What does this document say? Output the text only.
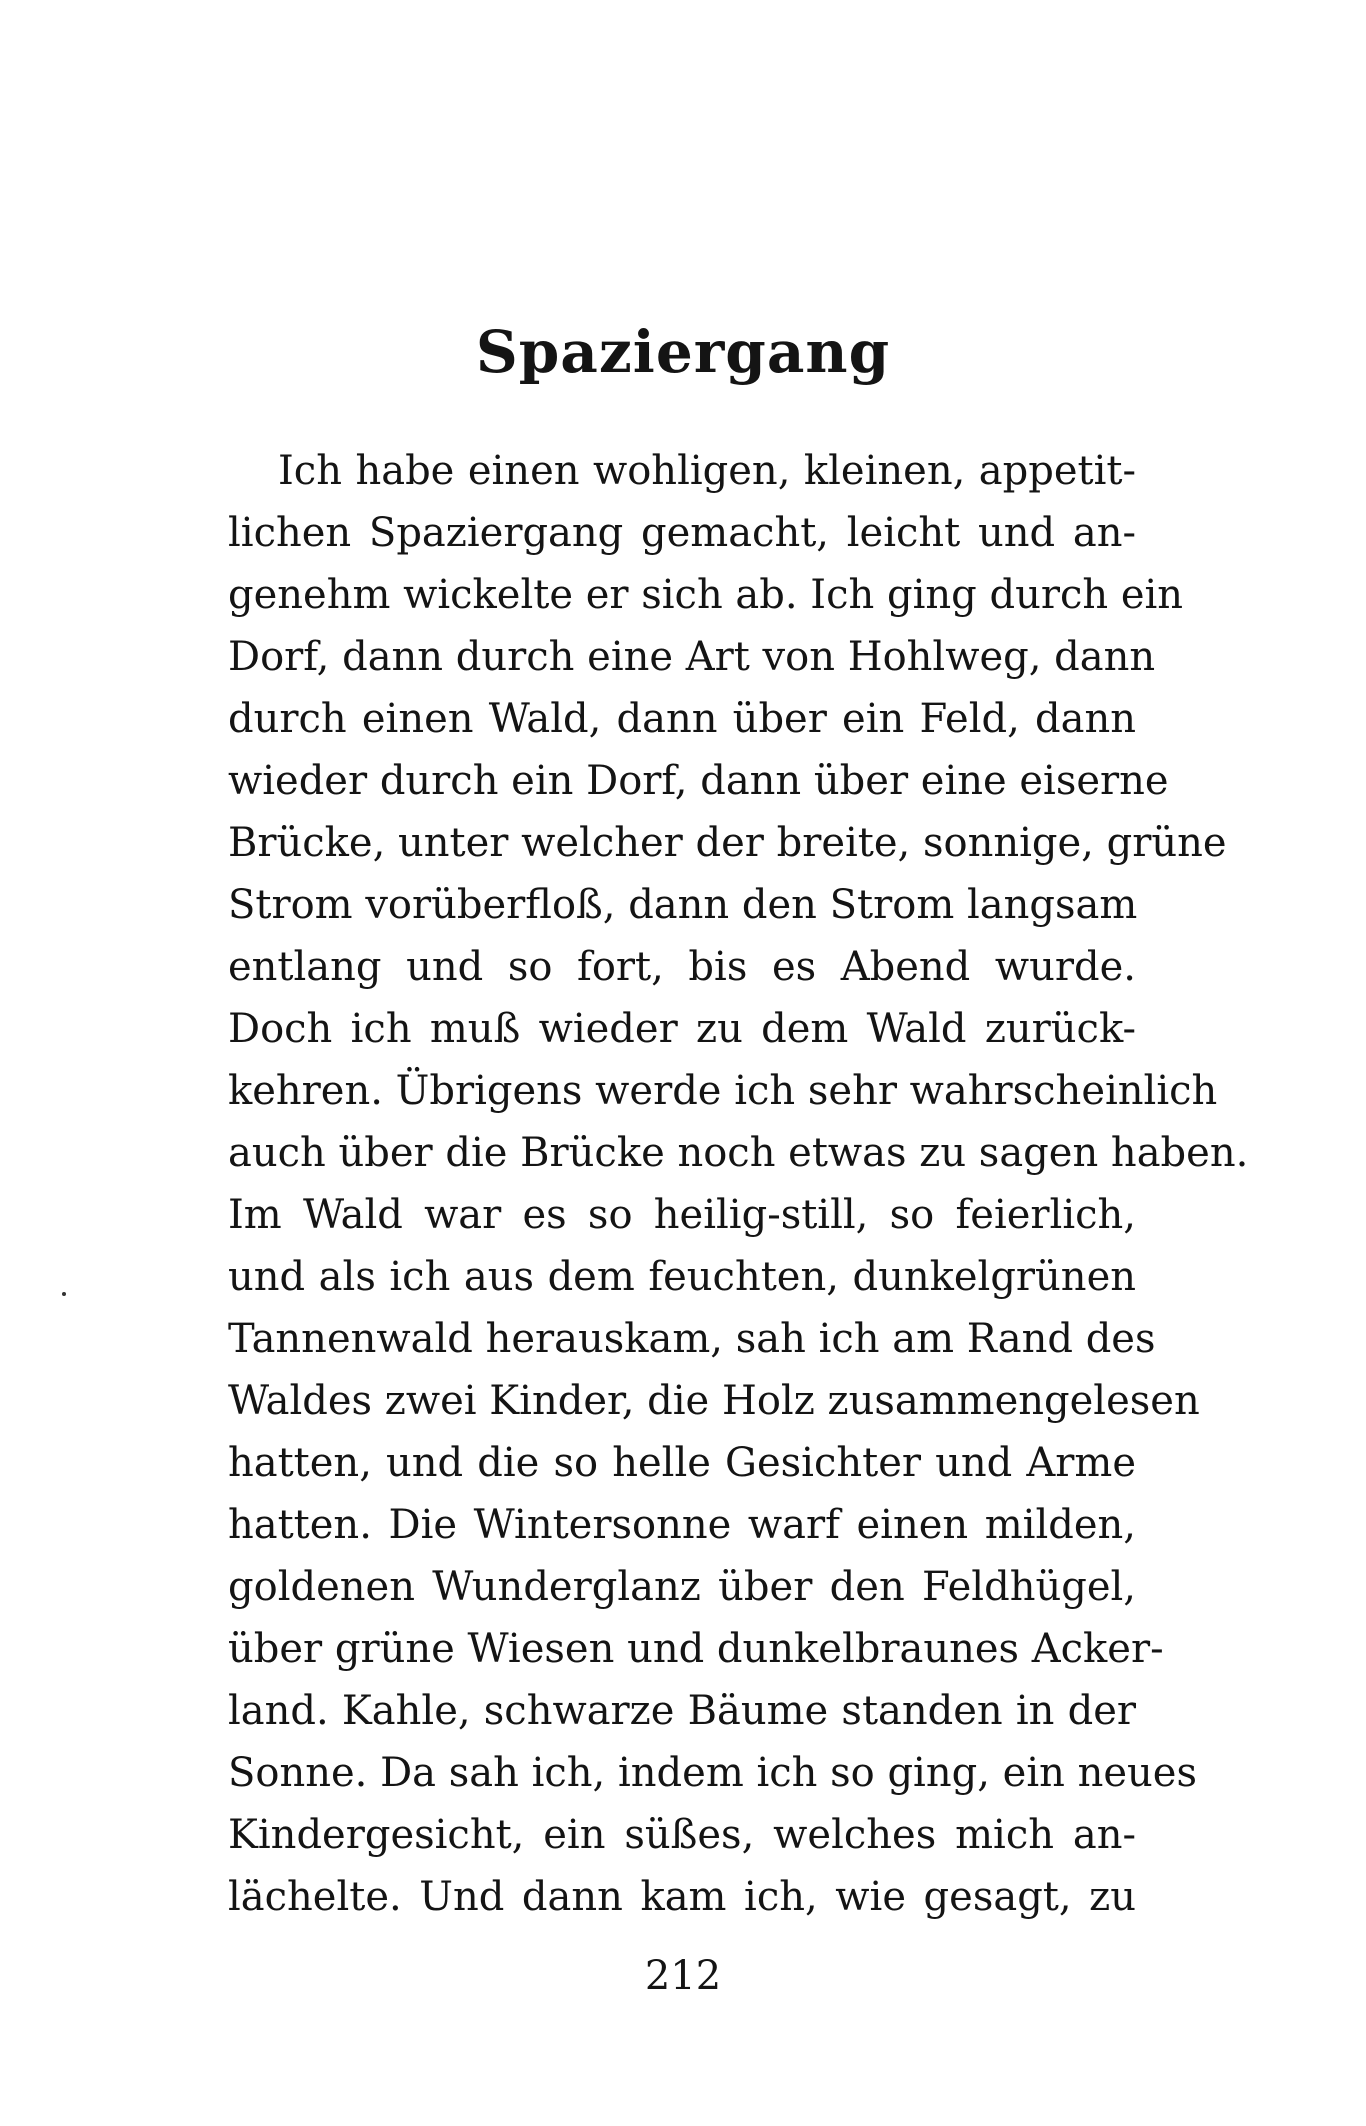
Spaziergang
Ich habe einen wohligen, kleinen, appetit-
lichen Spaziergang gemacht, leicht und an-
genehm wickelte er sich ab. Ich ging durch ein
Dorf, dann durch eine Art von Hohlweg, dann
durch einen Wald, dann über ein Feld, dann
wieder durch ein Dorf, dann über eine eiserne
Brücke, unter welcher der breite, sonnige, grüne
Strom vorüberfloß, dann den Strom langsam
entlang und so fort, bis es Abend wurde.
Doch ich muß wieder zu dem Wald zurück-
kehren. Übrigens werde ich sehr wahrscheinlich
auch über die Brücke noch etwas zu sagen haben.
Im Wald war es so heilig-still, so feierlich,
und als ich aus dem feuchten, dunkelgrünen
Tannenwald herauskam, sah ich am Rand des
Waldes zwei Kinder, die Holz zusammengelesen
hatten, und die so helle Gesichter und Arme
hatten. Die Wintersonne warf einen milden,
goldenen Wunderglanz über den Feldhügel,
über grüne Wiesen und dunkelbraunes Acker-
land. Kahle, schwarze Bäume standen in der
Sonne. Da sah ich, indem ich so ging, ein neues
Kindergesicht, ein süßes, welches mich an-
lächelte. Und dann kam ich, wie gesagt, zu
212
